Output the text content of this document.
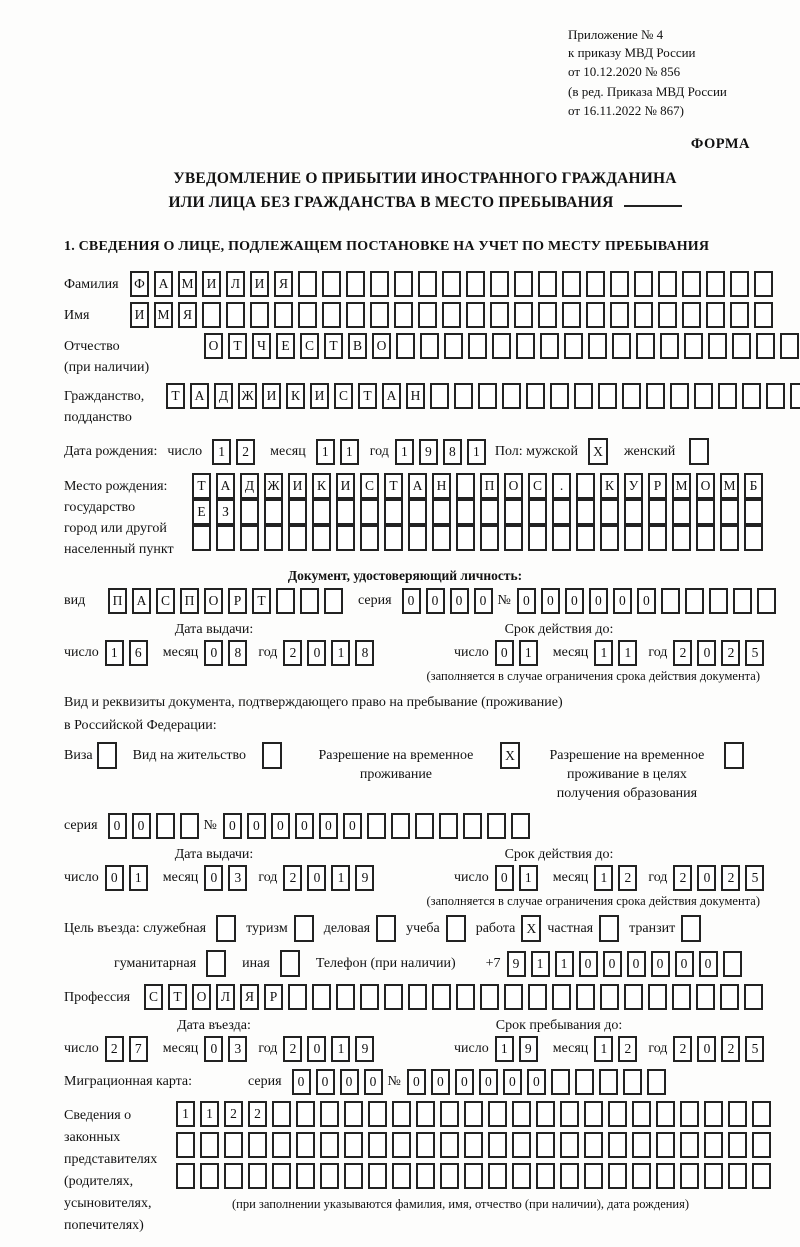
Приложение № 4
к приказу МВД России
от 10.12.2020 № 856
(в ред. Приказа МВД России
от 16.11.2022 № 867)
ФОРМА
УВЕДОМЛЕНИЕ О ПРИБЫТИИ ИНОСТРАННОГО ГРАЖДАНИНА
ИЛИ ЛИЦА БЕЗ ГРАЖДАНСТВА В МЕСТО ПРЕБЫВАНИЯ
1. СВЕДЕНИЯ О ЛИЦЕ, ПОДЛЕЖАЩЕМ ПОСТАНОВКЕ НА УЧЕТ ПО МЕСТУ ПРЕБЫВАНИЯ
Фамилия	Ф	А М И	Л	И	Я
Имя	И М Я
Отчество
(при наличии)
О	Т	Ч	Е	С	Т	В	О
Гражданство,
подданство
Т	А	Д Ж И	К	И	С	Т	А	Н
Дата рождения: число	1	2	месяц	1	1	год 1	9	8	1	Пол: мужской	X	женский
Место рождения:
государство
город или другой
населенный пункт
Т	А	Д Ж И	К	И	С	Т	А	Н	П	О	С	.	К	У	Р	М О М	Б
Е	З
Документ, удостоверяющий личность:
вид	П	А	С	П	О	Р	Т	серия	0	0	0	0 № 0	0	0	0	0	0
Дата выдачи:	Срок действия до:
число 1	6	месяц 0	8	год 2	0	1	8	число 0	1	месяц 1	1	год 2	0	2	5
(заполняется в случае ограничения срока действия документа)
Вид и реквизиты документа, подтверждающего право на пребывание (проживание)
в Российской Федерации:
Виза	Вид на жительство	Разрешение на временное проживание
X	Разрешение на временное проживание в целях получения образования
серия	0	0	№ 0	0	0	0	0	0
Дата выдачи:	Срок действия до:
число 0	1	месяц 0	3	год 2	0	1	9	число 0	1	месяц 1	2	год 2	0	2	5
(заполняется в случае ограничения срока действия документа)
Цель въезда: служебная	туризм	деловая	учеба	работа X частная	транзит
гуманитарная	иная	Телефон (при наличии) +7 9	1	1	0	0	0	0	0	0
Профессия	С	Т	О	Л	Я	Р
Дата въезда:	Срок пребывания до:
число 2	7	месяц 0	3	год 2	0	1	9	число 1	9	месяц 1	2	год 2	0	2	5
Миграционная карта:	серия	0	0	0	0 № 0	0	0	0	0	0
Сведения о
законных
представителях
(родителях,
усыновителях,
попечителях)
1	1	2	2
(при заполнении указываются фамилия, имя, отчество (при наличии), дата рождения)
